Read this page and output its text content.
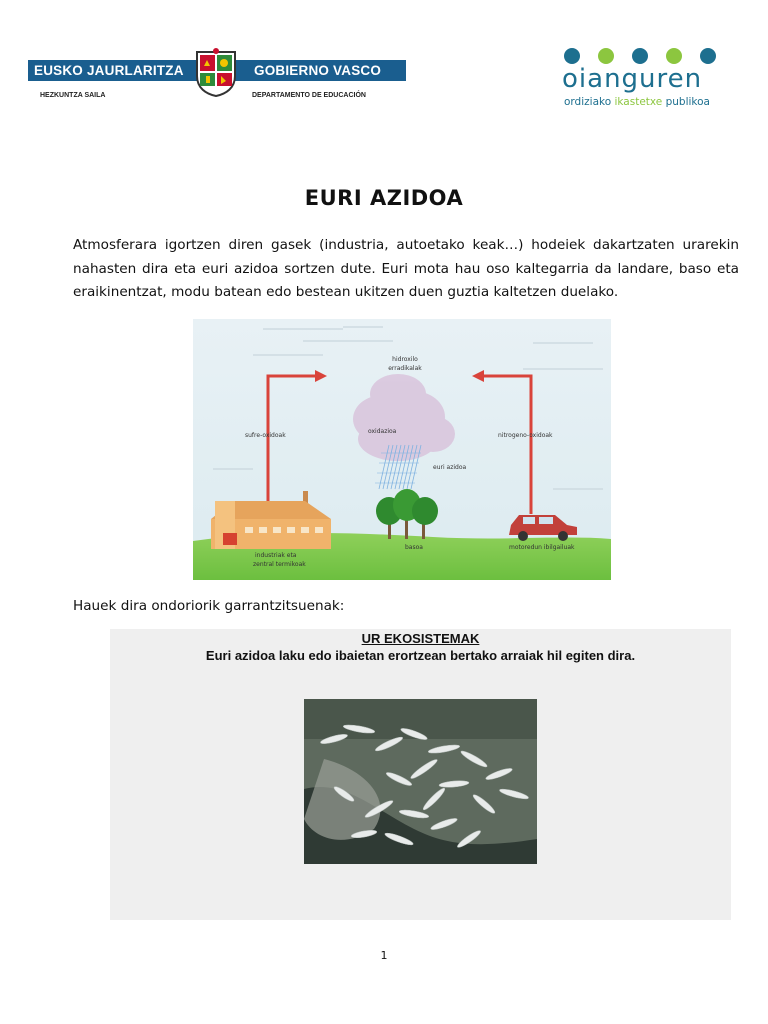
EUSKO JAURLARITZA	GOBIERNO VASCO
HEZKUNTZA SAILA	DEPARTAMENTO DE EDUCACIÓN
oianguren
ordiziako ikastetxe publikoa
EURI AZIDOA

Atmosferara igortzen diren gasek (industria, autoetako keak…) hodeiek dakartzaten urarekin nahasten dira eta euri azidoa sortzen dute. Euri mota hau oso kaltegarria da landare, baso eta eraikinentzat, modu batean edo bestean ukitzen duen guztia kaltetzen duelako.

hidroxilo
erradikalak
sufre-oxidoak
oxidazioa
nitrogeno-oxidoak
euri azidoa
industriak eta
zentral termikoak
basoa	motoredun ibilgailuak

Hauek dira ondoriorik garrantzitsuenak:

UR EKOSISTEMAK
Euri azidoa laku edo ibaietan erortzean bertako arraiak hil egiten dira.
1
